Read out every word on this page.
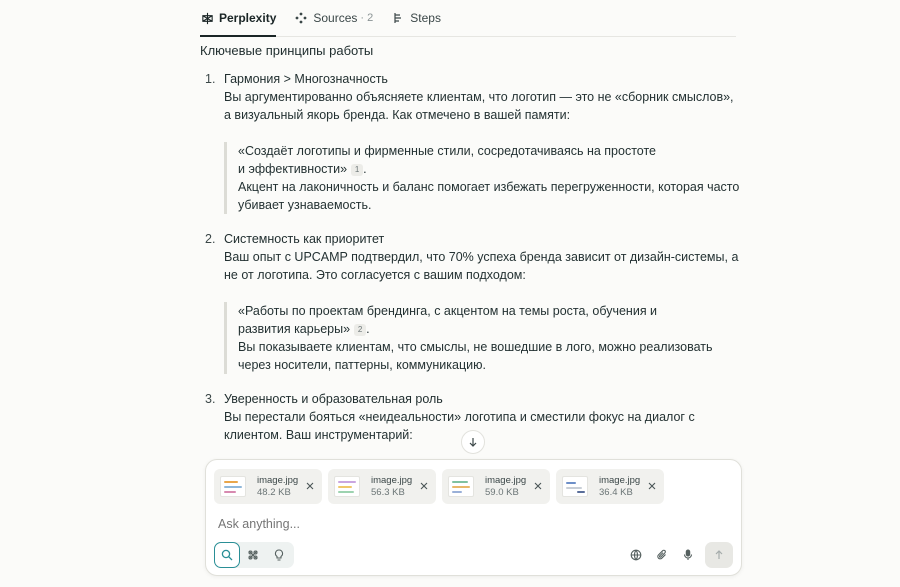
Perplexity	Sources
· 2	Steps
Ключевые принципы работы
1. Гармония > Многозначность
Вы аргументированно объясняете клиентам, что логотип — это не «сборник смыслов», а визуальный якорь бренда. Как отмечено в вашей памяти:
«Создаёт логотипы и фирменные стили, сосредотачиваясь на простоте
и эффективности» 1 .
Акцент на лаконичность и баланс помогает избежать перегруженности, которая часто убивает узнаваемость.
2. Системность как приоритет
Ваш опыт с UPCAMP подтвердил, что 70% успеха бренда зависит от дизайн-системы, а не от логотипа. Это согласуется с вашим подходом:
«Работы по проектам брендинга, с акцентом на темы роста, обучения и
развития карьеры» 2 .
Вы показываете клиентам, что смыслы, не вошедшие в лого, можно реализовать через носители, паттерны, коммуникацию.
3. Уверенность и образовательная роль
Вы перестали бояться «неидеальности» логотипа и сместили фокус на диалог с клиентом. Ваш инструментарий:
image.jpg
48.2 KB
image.jpg
56.3 KB
image.jpg
59.0 KB
image.jpg
36.4 KB
Ask anything...
